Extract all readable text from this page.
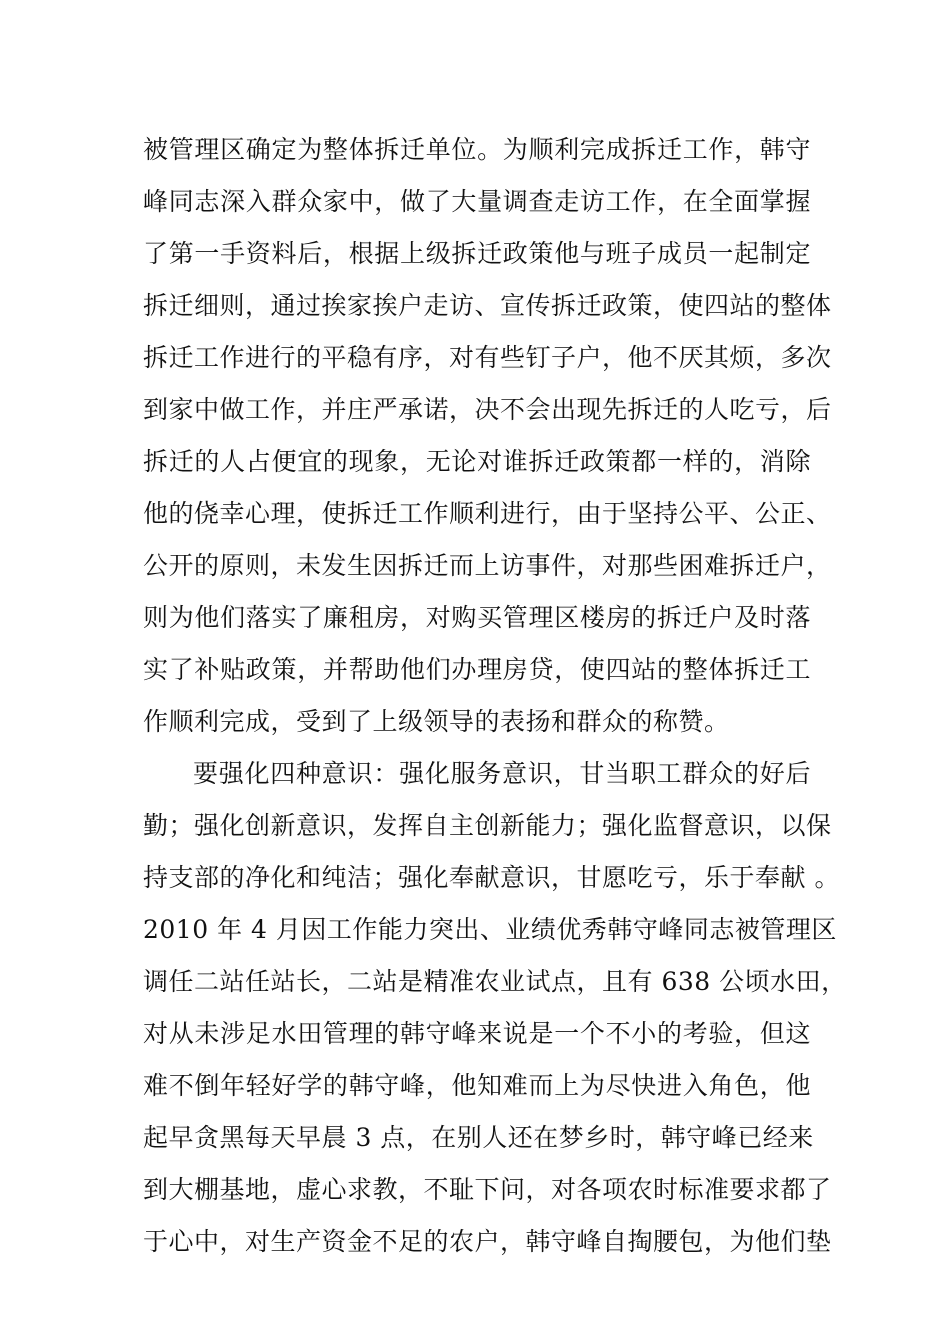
被管理区确定为整体拆迁单位。为顺利完成拆迁工作，韩守
峰同志深入群众家中，做了大量调查走访工作，在全面掌握
了第一手资料后，根据上级拆迁政策他与班子成员一起制定
拆迁细则，通过挨家挨户走访、宣传拆迁政策，使四站的整体
拆迁工作进行的平稳有序，对有些钉子户，他不厌其烦，多次
到家中做工作，并庄严承诺，决不会出现先拆迁的人吃亏，后
拆迁的人占便宜的现象，无论对谁拆迁政策都一样的，消除
他的侥幸心理，使拆迁工作顺利进行，由于坚持公平、公正、
公开的原则，未发生因拆迁而上访事件，对那些困难拆迁户，
则为他们落实了廉租房，对购买管理区楼房的拆迁户及时落
实了补贴政策，并帮助他们办理房贷，使四站的整体拆迁工
作顺利完成，受到了上级领导的表扬和群众的称赞。
要强化四种意识：强化服务意识，甘当职工群众的好后
勤；强化创新意识，发挥自主创新能力；强化监督意识，以保
持支部的净化和纯洁；强化奉献意识，甘愿吃亏，乐于奉献 。
2010 年 4 月因工作能力突出、业绩优秀韩守峰同志被管理区
调任二站任站长，二站是精准农业试点，且有 638 公顷水田，
对从未涉足水田管理的韩守峰来说是一个不小的考验，但这
难不倒年轻好学的韩守峰，他知难而上为尽快进入角色，他
起早贪黑每天早晨 3 点，在别人还在梦乡时，韩守峰已经来
到大棚基地，虚心求教，不耻下问，对各项农时标准要求都了
于心中，对生产资金不足的农户，韩守峰自掏腰包，为他们垫
